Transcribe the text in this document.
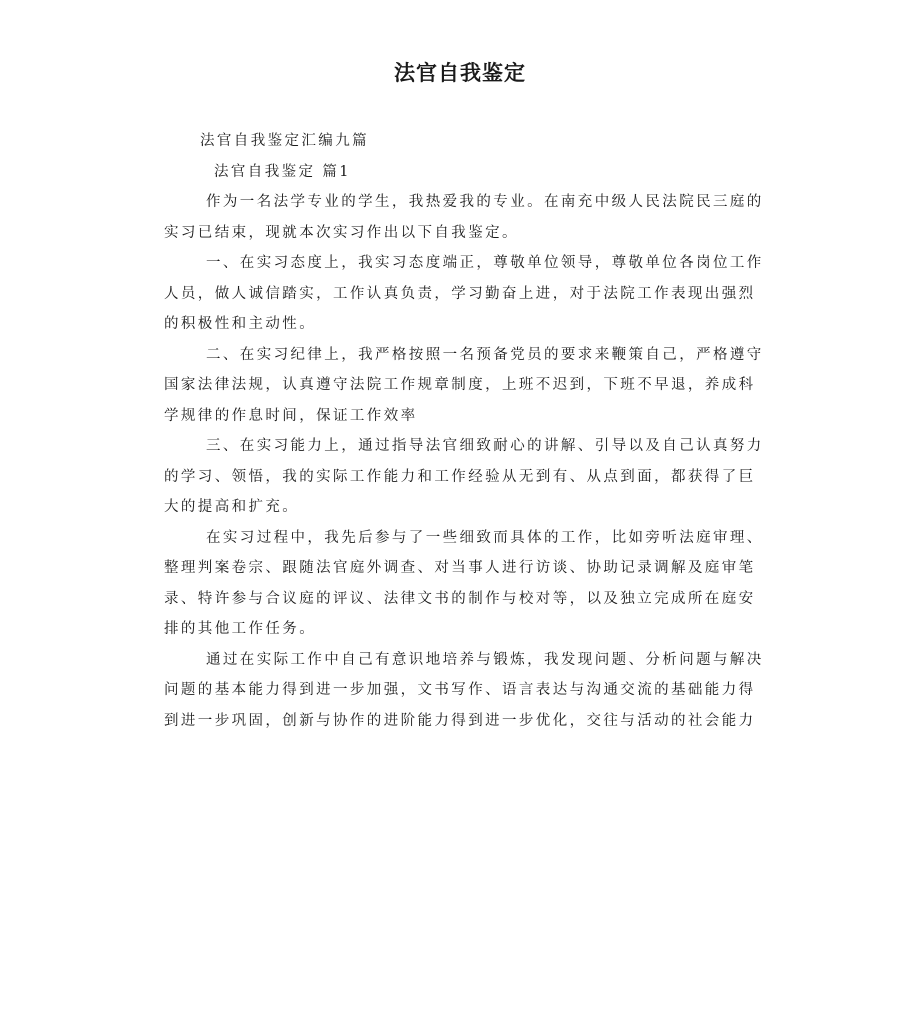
法官自我鉴定
法官自我鉴定汇编九篇
法官自我鉴定 篇1
作为一名法学专业的学生，我热爱我的专业。在南充中级人民法院民三庭的
实习已结束，现就本次实习作出以下自我鉴定。
一、在实习态度上，我实习态度端正，尊敬单位领导，尊敬单位各岗位工作
人员，做人诚信踏实，工作认真负责，学习勤奋上进，对于法院工作表现出强烈
的积极性和主动性。
二、在实习纪律上，我严格按照一名预备党员的要求来鞭策自己，严格遵守
国家法律法规，认真遵守法院工作规章制度，上班不迟到，下班不早退，养成科
学规律的作息时间，保证工作效率
三、在实习能力上，通过指导法官细致耐心的讲解、引导以及自己认真努力
的学习、领悟，我的实际工作能力和工作经验从无到有、从点到面，都获得了巨
大的提高和扩充。
在实习过程中，我先后参与了一些细致而具体的工作，比如旁听法庭审理、
整理判案卷宗、跟随法官庭外调查、对当事人进行访谈、协助记录调解及庭审笔
录、特许参与合议庭的评议、法律文书的制作与校对等，以及独立完成所在庭安
排的其他工作任务。
通过在实际工作中自己有意识地培养与锻炼，我发现问题、分析问题与解决
问题的基本能力得到进一步加强，文书写作、语言表达与沟通交流的基础能力得
到进一步巩固，创新与协作的进阶能力得到进一步优化，交往与活动的社会能力
